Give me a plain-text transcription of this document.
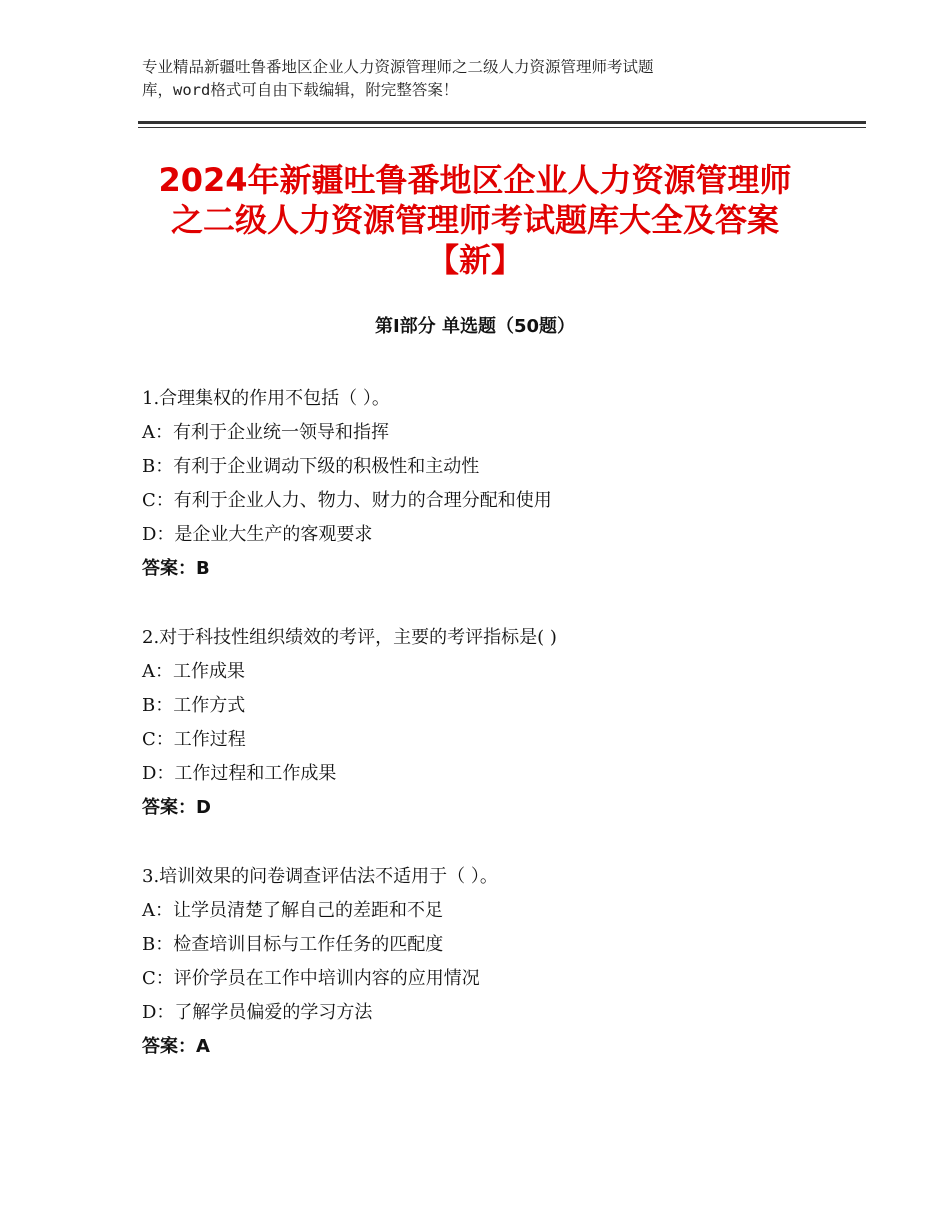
专业精品新疆吐鲁番地区企业人力资源管理师之二级人力资源管理师考试题
库，word格式可自由下载编辑，附完整答案！
2024年新疆吐鲁番地区企业人力资源管理师
之二级人力资源管理师考试题库大全及答案
【新】
第Ⅰ部分 单选题（50题）
1.合理集权的作用不包括（ ）。
A：有利于企业统一领导和指挥
B：有利于企业调动下级的积极性和主动性
C：有利于企业人力、物力、财力的合理分配和使用
D：是企业大生产的客观要求
答案：B
2.对于科技性组织绩效的考评，主要的考评指标是( )
A：工作成果
B：工作方式
C：工作过程
D：工作过程和工作成果
答案：D
3.培训效果的问卷调查评估法不适用于（ ）。
A：让学员清楚了解自己的差距和不足
B：检查培训目标与工作任务的匹配度
C：评价学员在工作中培训内容的应用情况
D：了解学员偏爱的学习方法
答案：A
